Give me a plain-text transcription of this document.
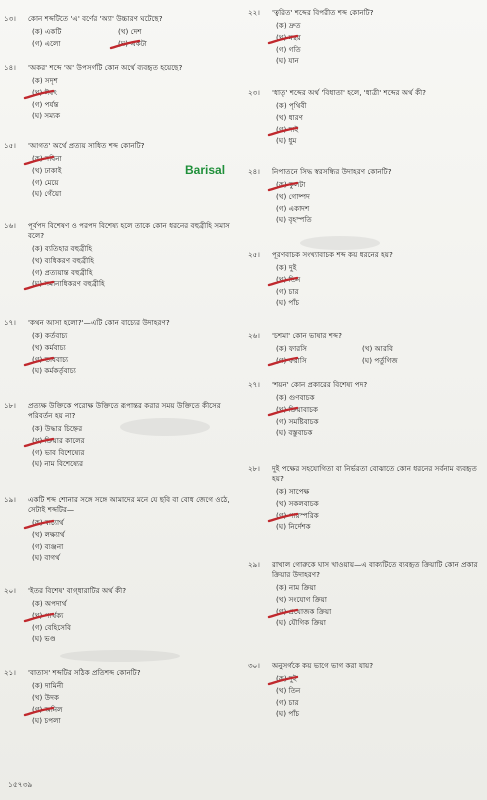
১৩।	কোন শব্দটিতে 'এ' বর্ণের 'অ্যা' উচ্চারণ ঘটেছে?
(ক) একটি	(খ) দেশ
(গ) এলো	(ঘ) একটা
১৪।	'অকর' শব্দে 'অ' উপসর্গটি কোন অর্থে ব্যবহৃত হয়েছে?
(ক) সদৃশ
(খ) ঈষৎ
(গ) পর্যন্ত
(ঘ) সম্যক
১৫।	'আগত' অর্থে প্রত্যয় সাধিত শব্দ কোনটি?
(ক) নবিনা
(খ) ঢাকাই
(গ) মেয়ে
(ঘ) গেঁয়ো
১৬।	পূর্বপদ বিশেষণ ও পরপদ বিশেষ্য হলে তাকে কোন ধরনের বহুব্রীহি সমাস বলে?
(ক) ব্যতিহার বহুব্রীহি
(খ) ব্যধিকরণ বহুব্রীহি
(গ) প্রত্যয়ান্ত বহুব্রীহি
(ঘ) সমানাধিকরণ বহুব্রীহি
১৭।	'কথন আসা হলো?'—এটি কোন বাচ্যের উদাহরণ?
(ক) কর্তবাচ্য
(খ) কর্মবাচ্য
(গ) ভাববাচ্য
(ঘ) কর্মকর্তৃবাচ্য
১৮।	প্রত্যক্ষ উক্তিকে পরোক্ষ উক্তিতে রূপান্তর করার সময় উক্তিতে কীসের পরিবর্তন হয় না?
(ক) উদ্ধার চিহ্নের
(খ) ক্রিয়ার কালের
(গ) ভাব বিশেষ্যের
(ঘ) নাম বিশেষ্যের
১৯।	একটি শব্দ শোনার সঙ্গে সঙ্গে আমাদের মনে যে ছবি বা বোধ জেগে ওঠে, সেটাই শব্দটির—
(ক) বাচ্যার্থ
(খ) লক্ষ্যার্থ
(গ) ব্যঞ্জনা
(ঘ) বাগর্থ
২০।	'ইতর বিশেষ' বাগ্‌ধারাটির অর্থ কী?
(ক) অপদার্থ
(খ) পার্থক্য
(গ) বেহিসেবি
(ঘ) ভণ্ড
২১।	'বাতাস' শব্দটির সঠিক প্রতিশব্দ কোনটি?
(ক) দামিনী
(খ) উদক
(গ) অনিল
(ঘ) চপলা
২২।	'ত্বরিত' শব্দের বিপরীত শব্দ কোনটি?
(ক) দ্রুত
(খ) মন্থর
(গ) গতি
(ঘ) যান
২৩।	'ধাতৃ' শব্দের অর্থ 'বিধাতা' হলে, 'ধাত্রী' শব্দের অর্থ কী?
(ক) পৃথিবী
(খ) ধারণ
(গ) দাই
(ঘ) ধুম
২৪।	নিপাতনে সিদ্ধ স্বরসন্ধির উদাহরণ কোনটি?
(ক) কুলটা
(খ) গোষ্পদ
(গ) একাদশ
(ঘ) বৃহস্পতি
২৫।	পূরণবাচক সংখ্যাবাচক শব্দ কয় ধরনের হয়?
(ক) দুই
(খ) তিন
(গ) চার
(ঘ) পাঁচ
২৬।	'চশমা' কোন ভাষার শব্দ?
(ক) ফারসি	(খ) আরবি
(গ) ফরাসি	(ঘ) পর্তুগিজ
২৭।	'শয়ন' কোন প্রকারের বিশেষ্য পদ?
(ক) গুণবাচক
(খ) ক্রিয়াবাচক
(গ) সমষ্টিবাচক
(ঘ) বস্তুবাচক
২৮।	দুই পক্ষের সহযোগিতা বা নির্ভরতা বোঝাতে কোন ধরনের সর্বনাম ব্যবহৃত হয়?
(ক) সাপেক্ষ
(খ) সকলবাচক
(গ) পারস্পরিক
(ঘ) নির্দেশক
২৯।	রাখাল গোরুকে ঘাস খাওয়ায়—এ বাক্যটিতে ব্যবহৃত ক্রিয়াটি কোন প্রকার ক্রিয়ার উদাহরণ?
(ক) নাম ক্রিয়া
(খ) সংযোগ ক্রিয়া
(গ) প্রযোজক ক্রিয়া
(ঘ) যৌগিক ক্রিয়া
৩০।	অনুসর্গকে কয় ভাগে ভাগ করা যায়?
(ক) দুই
(খ) তিন
(গ) চার
(ঘ) পাঁচ
Barisal
১৫৭৩৯
